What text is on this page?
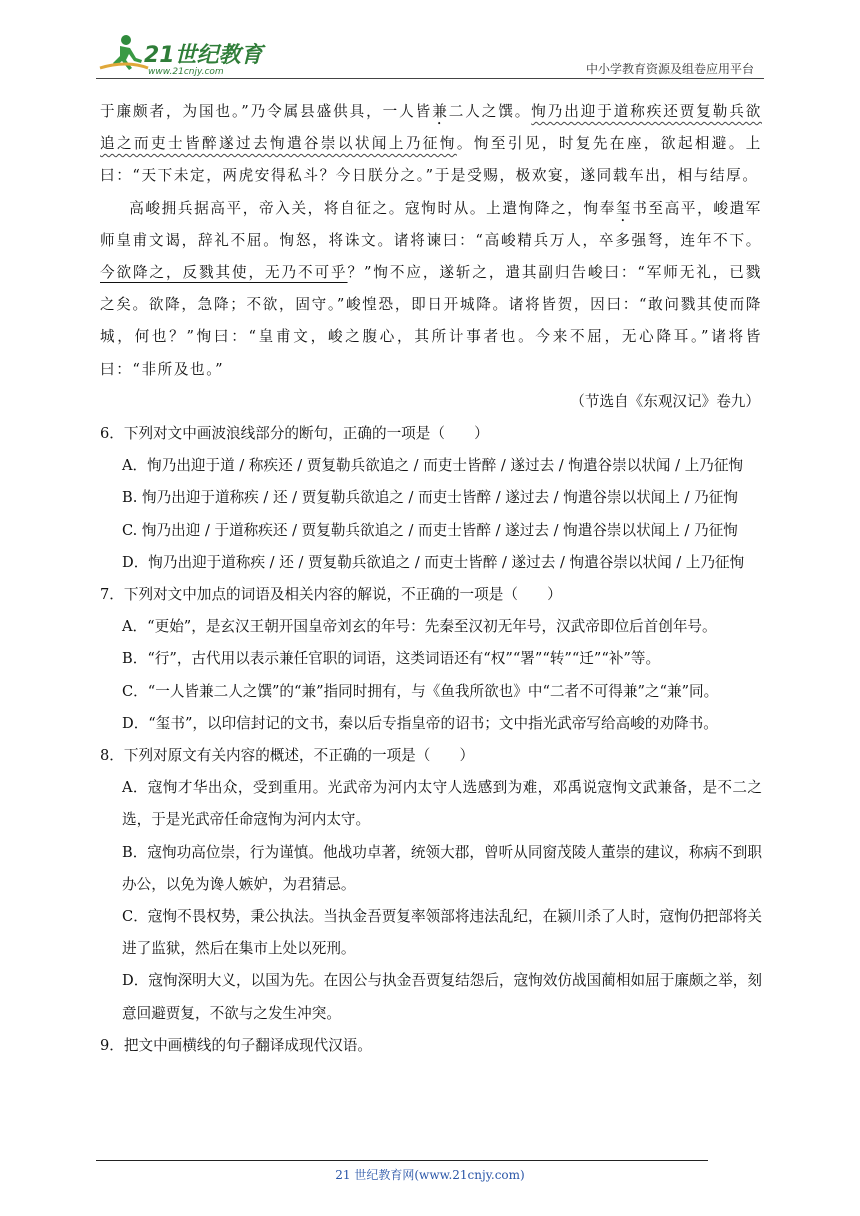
21世纪教育
www.21cnjy.com	中小学教育资源及组卷应用平台

于廉颇者，为国也。”乃令属县盛供具，一人皆兼二人之馔。恂乃出迎于道称疾还贾复勒兵欲追之而吏士皆醉遂过去恂遣谷崇以状闻上乃征恂。恂至引见，时复先在座，欲起相避。上曰：“天下未定，两虎安得私斗？今日朕分之。”于是受赐，极欢宴，遂同载车出，相与结厚。

高峻拥兵据高平，帝入关，将自征之。寇恂时从。上遣恂降之，恂奉玺书至高平，峻遣军师皇甫文谒，辞礼不屈。恂怒，将诛文。诸将谏曰：“高峻精兵万人，卒多强弩，连年不下。今欲降之，反戮其使，无乃不可乎？”恂不应，遂斩之，遣其副归告峻曰：“军师无礼，已戮之矣。欲降，急降；不欲，固守。”峻惶恐，即日开城降。诸将皆贺，因曰：“敢问戮其使而降城，何也？”恂曰：“皇甫文，峻之腹心，其所计事者也。今来不屈，无心降耳。”诸将皆曰：“非所及也。”

（节选自《东观汉记》卷九）

6．下列对文中画波浪线部分的断句，正确的一项是（　　）

A．恂乃出迎于道 / 称疾还 / 贾复勒兵欲追之 / 而吏士皆醉 / 遂过去 / 恂遣谷崇以状闻 / 上乃征恂

B. 恂乃出迎于道称疾 / 还 / 贾复勒兵欲追之 / 而吏士皆醉 / 遂过去 / 恂遣谷崇以状闻上 / 乃征恂

C. 恂乃出迎 / 于道称疾还 / 贾复勒兵欲追之 / 而吏士皆醉 / 遂过去 / 恂遣谷崇以状闻上 / 乃征恂

D．恂乃出迎于道称疾 / 还 / 贾复勒兵欲追之 / 而吏士皆醉 / 遂过去 / 恂遣谷崇以状闻 / 上乃征恂

7．下列对文中加点的词语及相关内容的解说，不正确的一项是（　　）

A．“更始”，是玄汉王朝开国皇帝刘玄的年号：先秦至汉初无年号，汉武帝即位后首创年号。

B．“行”，古代用以表示兼任官职的词语，这类词语还有“权”“署”“转”“迁”“补”等。

C．“一人皆兼二人之馔”的“兼”指同时拥有，与《鱼我所欲也》中“二者不可得兼”之“兼”同。

D．“玺书”，以印信封记的文书，秦以后专指皇帝的诏书；文中指光武帝写给高峻的劝降书。

8．下列对原文有关内容的概述，不正确的一项是（　　）

A．寇恂才华出众，受到重用。光武帝为河内太守人选感到为难，邓禹说寇恂文武兼备，是不二之选，于是光武帝任命寇恂为河内太守。

B．寇恂功高位崇，行为谨慎。他战功卓著，统领大郡，曾听从同窗茂陵人董崇的建议，称病不到职办公，以免为谗人嫉妒，为君猜忌。

C．寇恂不畏权势，秉公执法。当执金吾贾复率领部将违法乱纪，在颍川杀了人时，寇恂仍把部将关进了监狱，然后在集市上处以死刑。

D．寇恂深明大义，以国为先。在因公与执金吾贾复结怨后，寇恂效仿战国蔺相如屈于廉颇之举，刻意回避贾复，不欲与之发生冲突。

9．把文中画横线的句子翻译成现代汉语。

21 世纪教育网(www.21cnjy.com)
